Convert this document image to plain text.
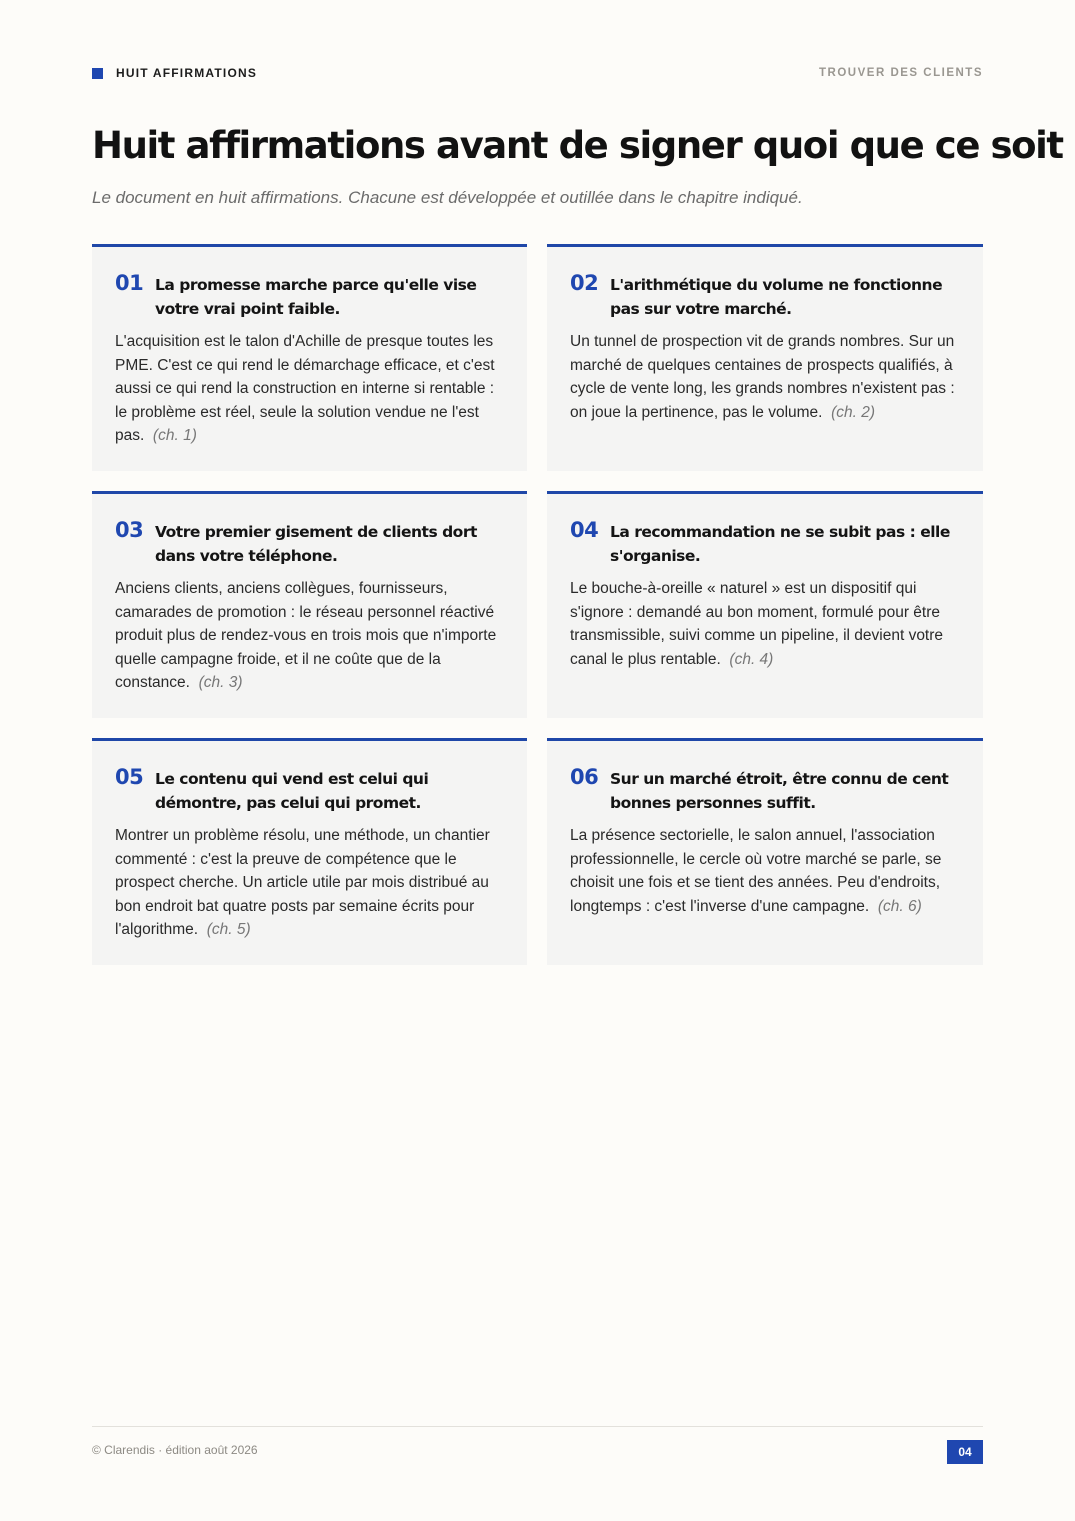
HUIT AFFIRMATIONS	TROUVER DES CLIENTS
Huit affirmations avant de signer quoi que ce soit
Le document en huit affirmations. Chacune est développée et outillée dans le chapitre indiqué.
01 La promesse marche parce qu'elle vise votre vrai point faible.
L'acquisition est le talon d'Achille de presque toutes les PME. C'est ce qui rend le démarchage efficace, et c'est aussi ce qui rend la construction en interne si rentable : le problème est réel, seule la solution vendue ne l'est pas.  (ch. 1)
02 L'arithmétique du volume ne fonctionne pas sur votre marché.
Un tunnel de prospection vit de grands nombres. Sur un marché de quelques centaines de prospects qualifiés, à cycle de vente long, les grands nombres n'existent pas : on joue la pertinence, pas le volume.  (ch. 2)
03 Votre premier gisement de clients dort dans votre téléphone.
Anciens clients, anciens collègues, fournisseurs, camarades de promotion : le réseau personnel réactivé produit plus de rendez-vous en trois mois que n'importe quelle campagne froide, et il ne coûte que de la constance.  (ch. 3)
04 La recommandation ne se subit pas : elle s'organise.
Le bouche-à-oreille « naturel » est un dispositif qui s'ignore : demandé au bon moment, formulé pour être transmissible, suivi comme un pipeline, il devient votre canal le plus rentable.  (ch. 4)
05 Le contenu qui vend est celui qui démontre, pas celui qui promet.
Montrer un problème résolu, une méthode, un chantier commenté : c'est la preuve de compétence que le prospect cherche. Un article utile par mois distribué au bon endroit bat quatre posts par semaine écrits pour l'algorithme.  (ch. 5)
06 Sur un marché étroit, être connu de cent bonnes personnes suffit.
La présence sectorielle, le salon annuel, l'association professionnelle, le cercle où votre marché se parle, se choisit une fois et se tient des années. Peu d'endroits, longtemps : c'est l'inverse d'une campagne.  (ch. 6)
© Clarendis · édition août 2026	04
